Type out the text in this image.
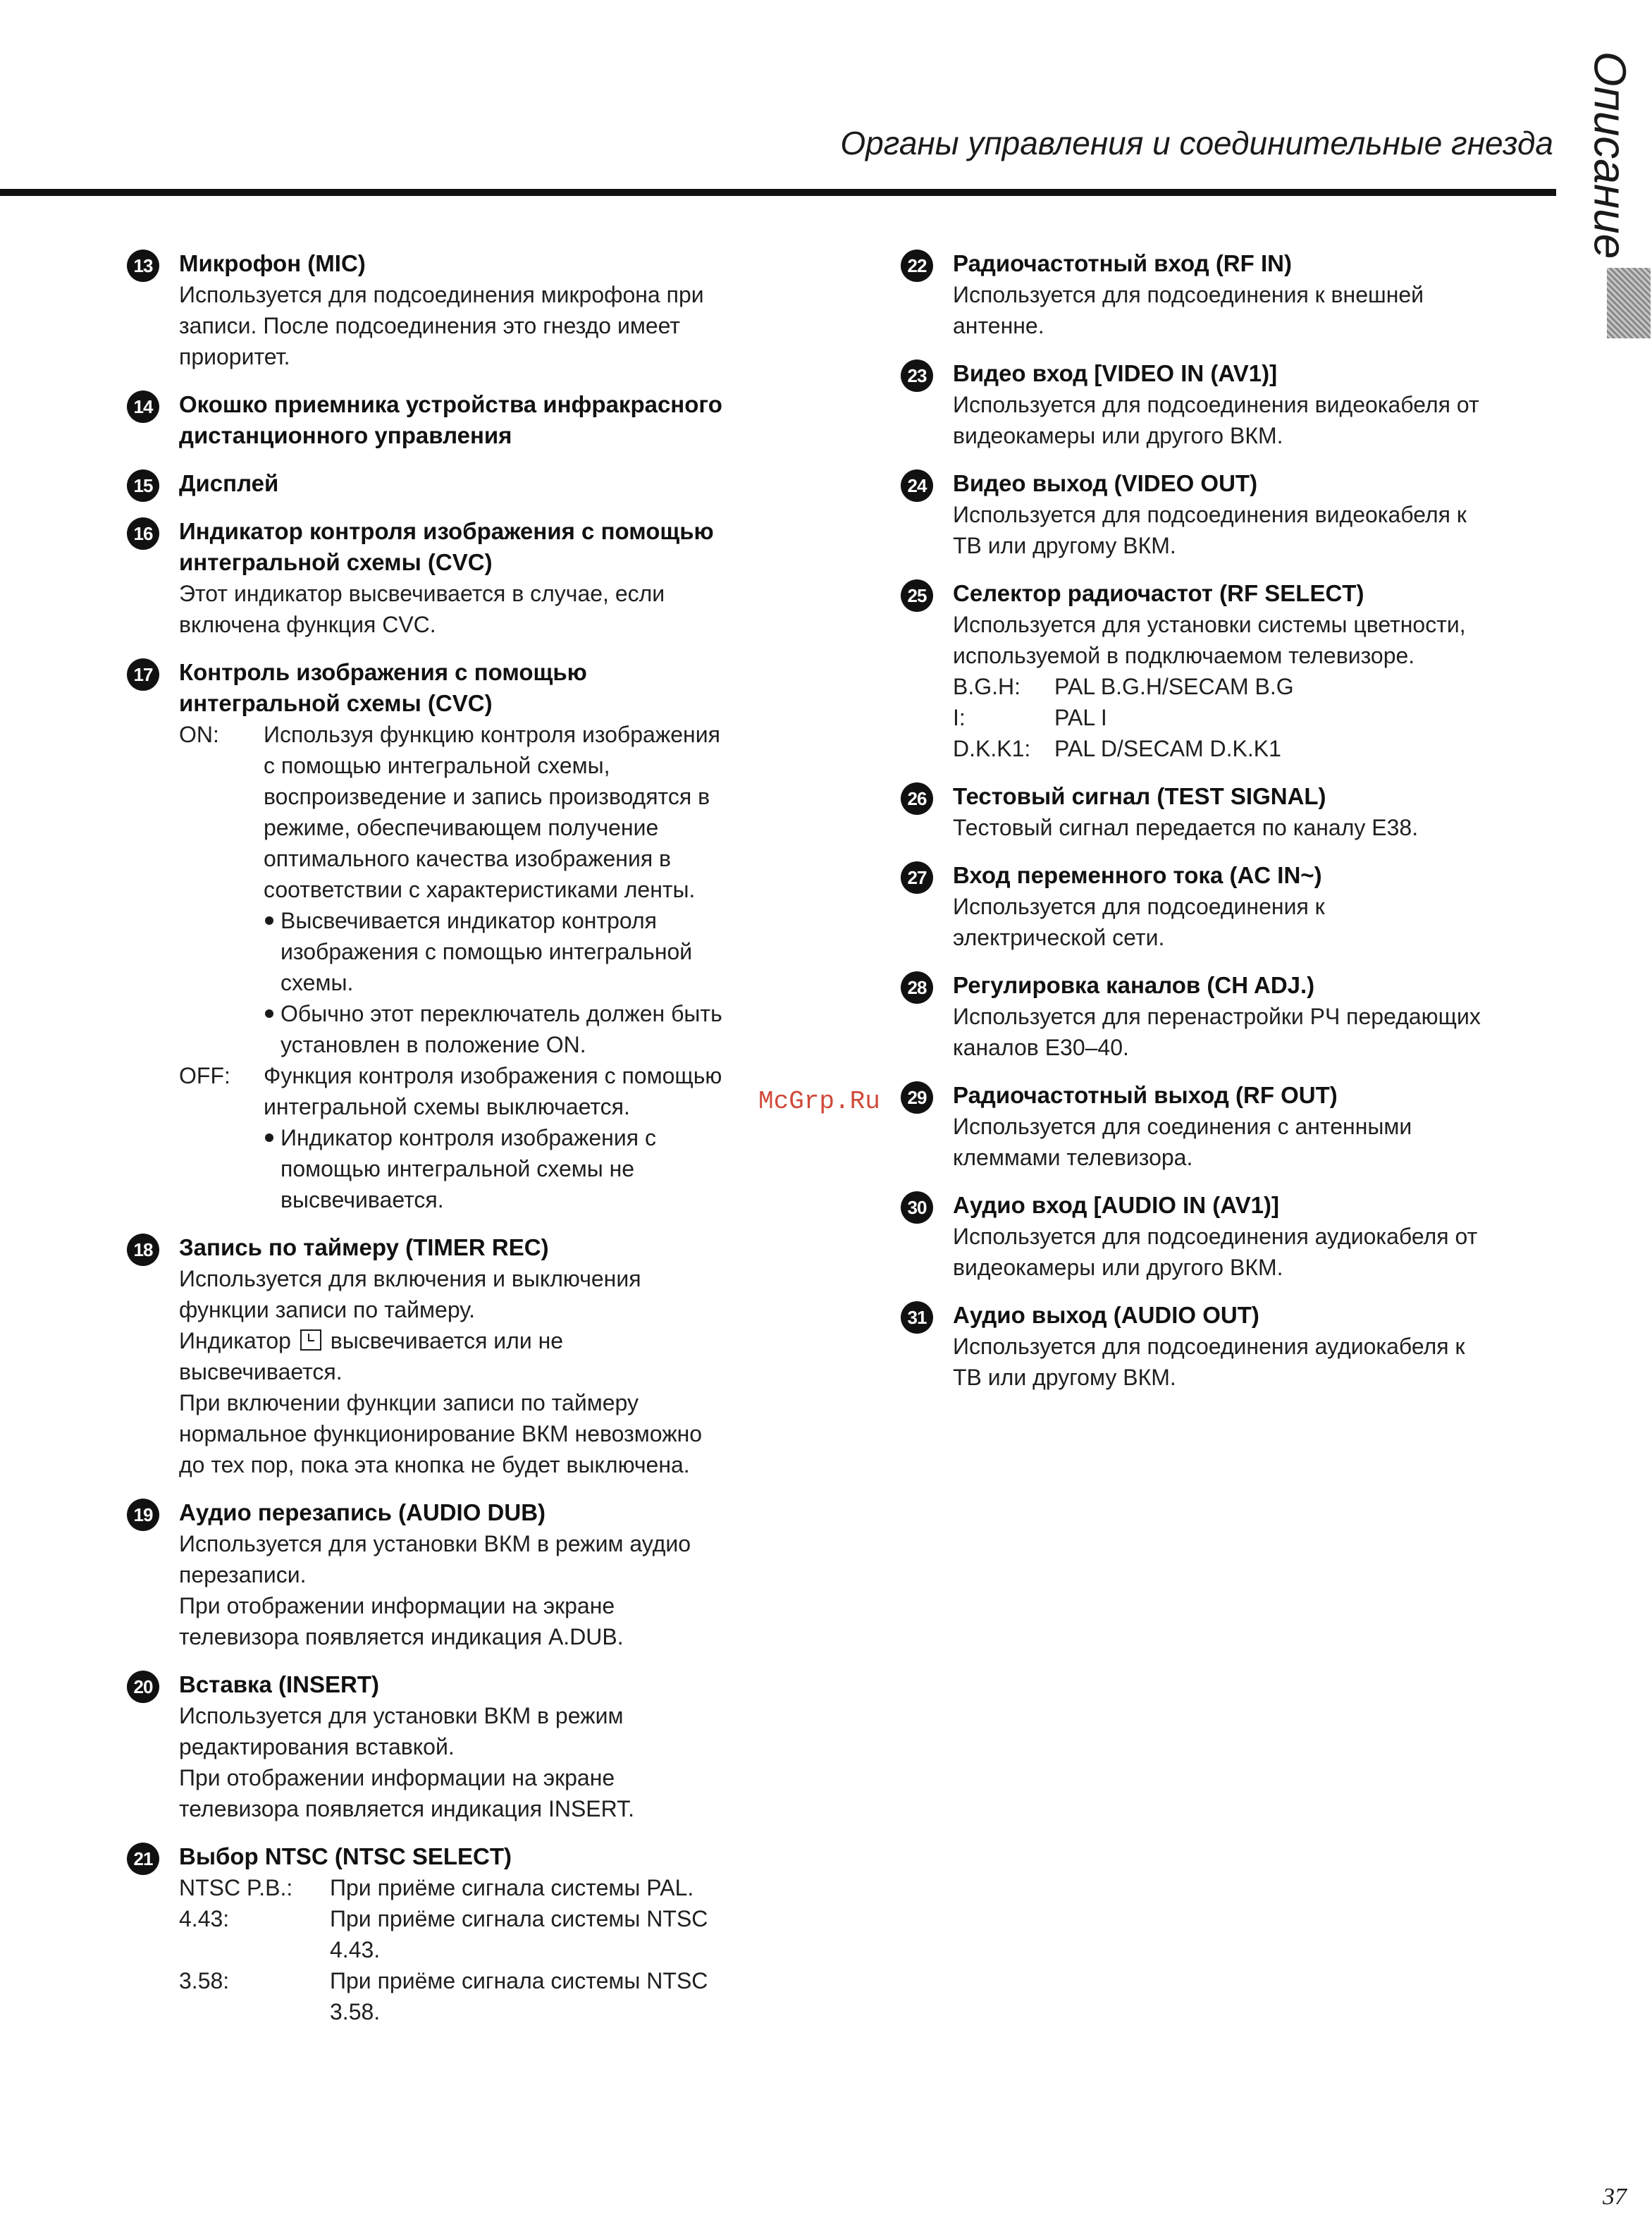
Органы управления и соединительные гнезда Описание
13 Микрофон (MIC)
Используется для подсоединения микрофона при
записи. После подсоединения это гнездо имеет
приоритет.
14 Окошко приемника устройства инфракрасного
дистанционного управления
15 Дисплей
16 Индикатор контроля изображения с помощью
интегральной схемы (CVC)
Этот индикатор высвечивается в случае, если
включена функция CVC.
17 Контроль изображения с помощью
интегральной схемы (CVC)
ON:	Используя функцию контроля изображения
с помощью интегральной схемы,
воспроизведение и запись производятся в
режиме, обеспечивающем получение
оптимального качества изображения в
соответствии с характеристиками ленты.
Высвечивается индикатор контроля
изображения с помощью интегральной
схемы.
Обычно этот переключатель должен быть
установлен в положение ON.
OFF:	Функция контроля изображения с помощью
интегральной схемы выключается.
Индикатор контроля изображения с
помощью интегральной схемы не
высвечивается.
18 Запись по таймеру (TIMER REC)
Используется для включения и выключения
функции записи по таймеру.
Индикатор высвечивается или не
высвечивается.
При включении функции записи по таймеру
нормальное функционирование ВКМ невозможно
до тех пор, пока эта кнопка не будет выключена.
19 Аудио перезапись (AUDIO DUB)
Используется для установки ВКМ в режим аудио
перезаписи.
При отображении информации на экране
телевизора появляется индикация A.DUB.
20 Вставка (INSERT)
Используется для установки ВКМ в режим
редактирования вставкой.
При отображении информации на экране
телевизора появляется индикация INSERT.
21 Выбор NTSC (NTSC SELECT)
NTSC P.B.:	При приёме сигнала системы PAL.
4.43:	При приёме сигнала системы NTSC
4.43.
3.58:	При приёме сигнала системы NTSC
3.58.
22 Радиочастотный вход (RF IN)
Используется для подсоединения к внешней
антенне.
23 Видео вход [VIDEO IN (AV1)]
Используется для подсоединения видеокабеля от
видеокамеры или другого ВКМ.
24 Видео выход (VIDEO OUT)
Используется для подсоединения видеокабеля к
ТВ или другому ВКМ.
25 Селектор радиочастот (RF SELECT)
Используется для установки системы цветности,
используемой в подключаемом телевизоре.
B.G.H:	PAL B.G.H/SECAM B.G
I:	PAL I
D.K.K1:	PAL D/SECAM D.K.K1
26 Тестовый сигнал (TEST SIGNAL)
Тестовый сигнал передается по каналу E38.
27 Вход переменного тока (AC IN~)
Используется для подсоединения к
электрической сети.
28 Регулировка каналов (CH ADJ.)
Используется для перенастройки РЧ передающих
каналов E30–40.
29 Радиочастотный выход (RF OUT)
Используется для соединения с антенными
клеммами телевизора.
30 Аудио вход [AUDIO IN (AV1)]
Используется для подсоединения аудиокабеля от
видеокамеры или другого ВКМ.
31 Аудио выход (AUDIO OUT)
Используется для подсоединения аудиокабеля к
ТВ или другому ВКМ.
McGrp.Ru
37
